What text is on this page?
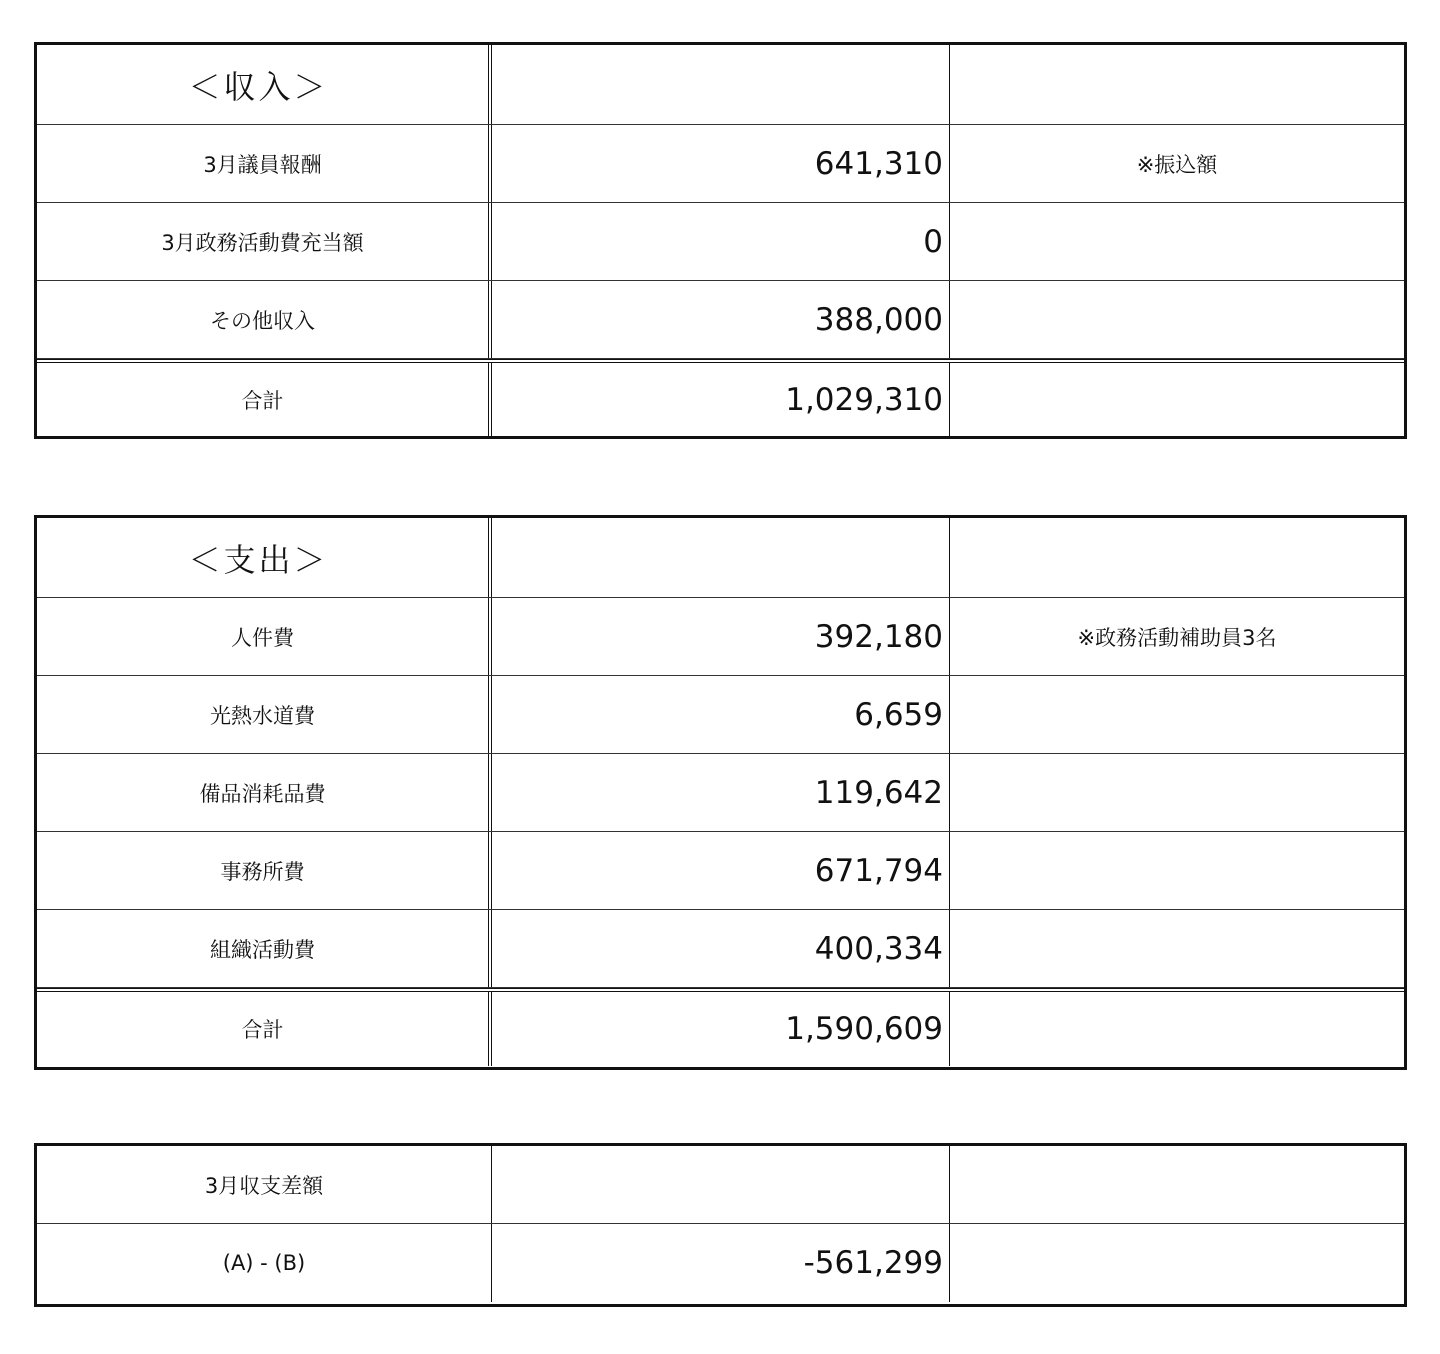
＜収入＞
3月議員報酬	641,310	※振込額
3月政務活動費充当額	0
その他収入	388,000
合計	1,029,310
＜支出＞
人件費	392,180	※政務活動補助員3名
光熱水道費	6,659
備品消耗品費	119,642
事務所費	671,794
組織活動費	400,334
合計	1,590,609
3月収支差額
(A) - (B)	-561,299
